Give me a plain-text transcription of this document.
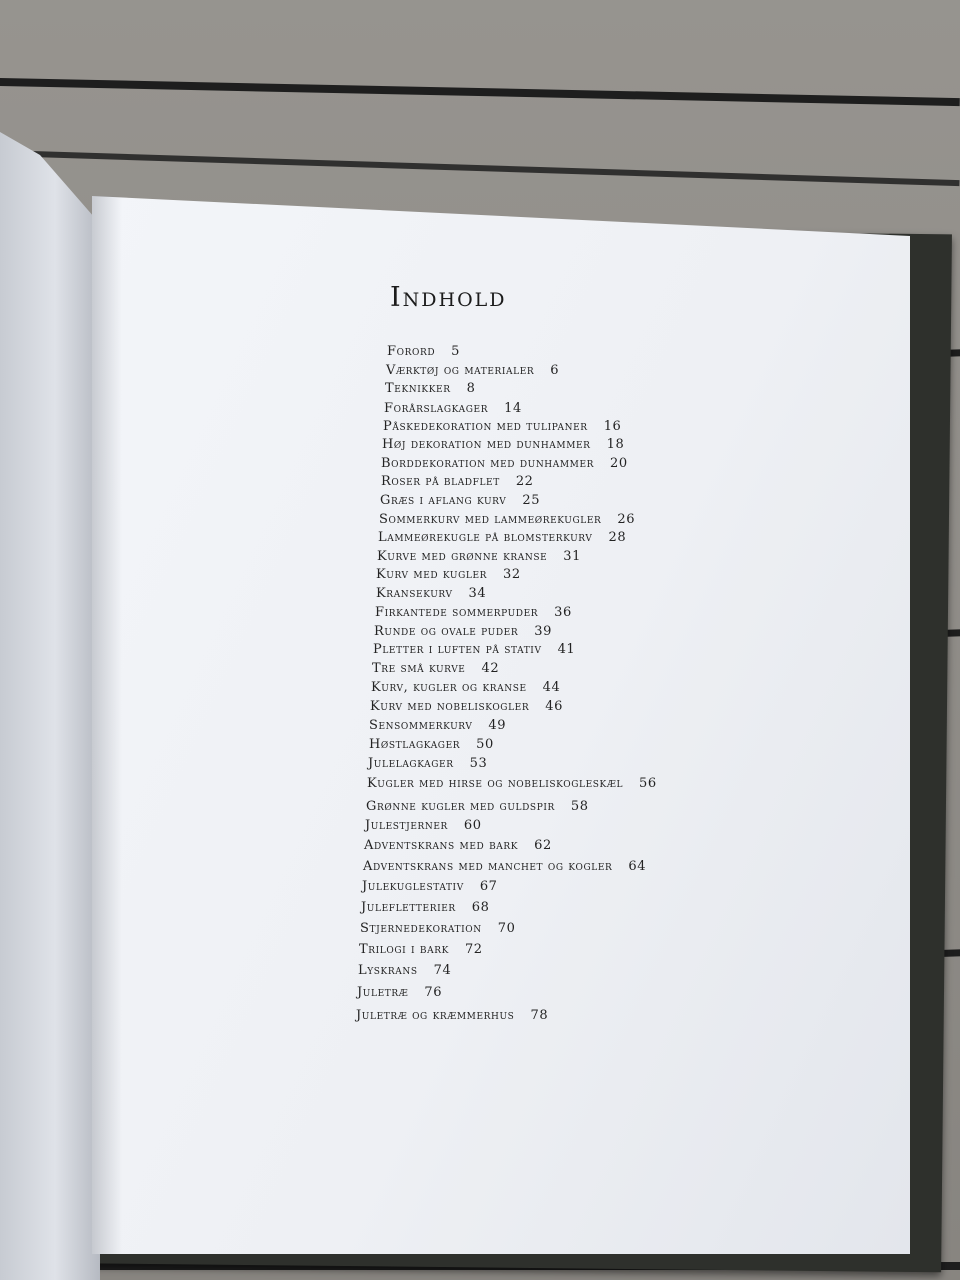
Indhold
Forord 5
Værktøj og materialer 6
Teknikker 8
Forårslagkager 14
Påskedekoration med tulipaner 16
Høj dekoration med dunhammer 18
Borddekoration med dunhammer 20
Roser på bladflet 22
Græs i aflang kurv 25
Sommerkurv med lammeørekugler 26
Lammeørekugle på blomsterkurv 28
Kurve med grønne kranse 31
Kurv med kugler 32
Kransekurv 34
Firkantede sommerpuder 36
Runde og ovale puder 39
Pletter i luften på stativ 41
Tre små kurve 42
Kurv, kugler og kranse 44
Kurv med nobeliskogler 46
Sensommerkurv 49
Høstlagkager 50
Julelagkager 53
Kugler med hirse og nobeliskogleskæl 56
Grønne kugler med guldspir 58
Julestjerner 60
Adventskrans med bark 62
Adventskrans med manchet og kogler 64
Julekuglestativ 67
Juleflетterier 68
Stjernedekoration 70
Trilogi i bark 72
Lyskrans 74
Juletræ 76
Juletræ og kræmmerhus 78
